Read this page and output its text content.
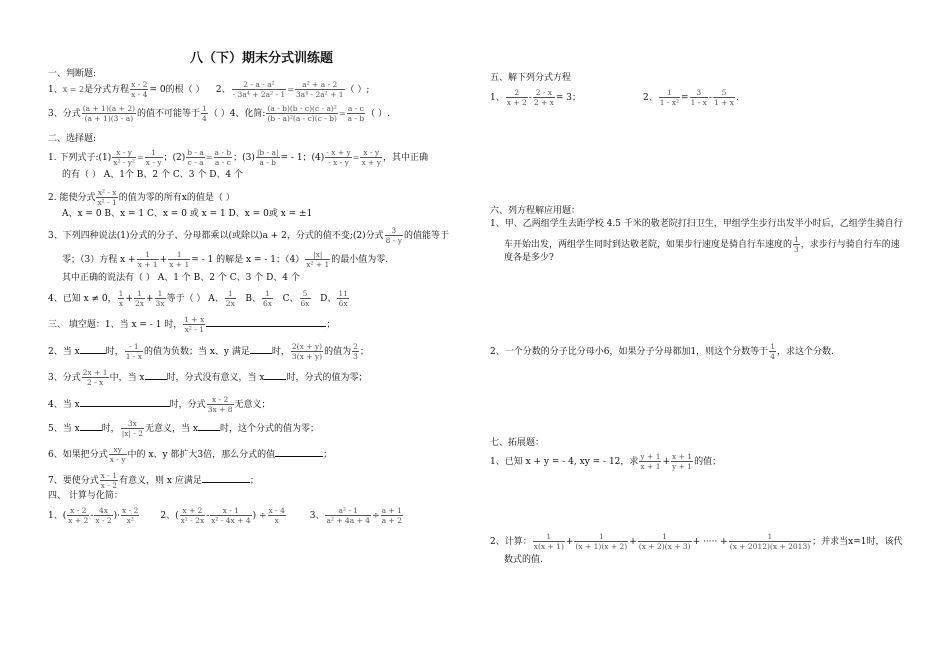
八（下）期末分式训练题
一、判断题:
1、x = 2是分式方程 $\frac{x - 2}{x - 4} = 0$的根（ ） 2、 $\frac{\text{2 - a - a²}}{\text{- 3a⁴ + 2a² - 1}} = \frac{\text{a² + a - 2}}{\text{3a⁴ - 2a² + 1}}$ （ ）;
3、分式 $\frac{(a + 1)(a + 2)}{(a + 1)(3 - a)}$ 的值不可能等于 $\frac{1}{4}$ （ ）4、化简: $\frac{\text{(a - b)(b - c)(c - a)²}}{\text{(b - a)²(a - c)(c - b)}} = \frac{a - c}{a - b}$ （ ）.
二、选择题:
1. 下列式子:(1) $\frac{x - y}{\text{x² - y²}} = \frac{1}{x - y}$ ；$(2) \frac{b - a}{c - a} = \frac{a - b}{a - c}$ ；$(3) \frac{|b - a|}{a - b}$ = - 1；$(4) \frac{- x + y}{- x - y} = \frac{x - y}{x + y}$ ，其中正确
的有（ ） A、1个 B、2 个 C、3 个 D、4 个
2. 能使分式 $\frac{\text{x² - x}}{\text{x² - 1}}$ 的值为零的所有x的值是（ ）
A、x = 0 B、x = 1 C、x = 0 或 x = 1 D、x = 0或 x = ±1
3、下列四种说法(1)分式的分子、分母都乘以(或除以)a + 2，分式的值不变;(2)分式 $\frac{3}{8 - y}$ 的值能等于
零；（3）方程 $x + \frac{1}{x + 1} + \frac{1}{x + 1}$ = - 1 的解是 x = - 1；$(4) \frac{|x|}{\text{x² + 1}}$ 的最小值为零.
其中正确的说法有（ ） A、1 个 B、2 个 C、3 个 D、4 个
4、已知 x ≠ 0， $\frac{1}{x} + \frac{1}{2x} + \frac{1}{3x}$ 等于（ ） A、 $\frac{1}{2x}$ B、 $\frac{1}{6x}$ C、 $\frac{5}{6x}$ D、 $\frac{11}{6x}$
三、 填空题：1、当 x = - 1 时， $\frac{1 + x}{\text{x² - 1}}$	；
2、当 x	时， $\frac{- 1}{1 - x}$ 的值为负数；当 x、y 满足 时， $\frac{2(x + y)}{3(x + y)}$ 的值为 $\frac{2}{3}$ ；
3、分式 $\frac{2x + 1}{2 - x}$ 中，当 x 时，分式没有意义，当 x 时，分式的值为零；
4、当 x	时，分式 $\frac{x - 2}{3x + 8}$ 无意义；
5、当 x 时， $\frac{3x}{|x| - 2}$ 无意义，当 x 时，这个分式的值为零；
6、如果把分式 $\frac{xy}{x - y}$ 中的 x、y 都扩大3倍，那么分式的值	；
7、要使分式 $\frac{x - 1}{x - 2}$ 有意义，则 x 应满足	；
四、 计算与化简：
1、( $\frac{x - 2}{x + 2} - \frac{4x}{x - 2}$ )· $\frac{x - 2}{\text{x²}} 2$、( $\frac{x + 2}{\text{x² - 2x}} - \frac{x - 1}{\text{x² - 4x + 4}}$ ) ÷ $\frac{x - 4}{x}$	3、 $\frac{\text{a² - 1}}{\text{a² + 4a + 4}} \div \frac{a + 1}{a + 2}$
五、解下列分式方程
1、 $\frac{2}{x + 2} - \frac{2 - x}{2 + x} = 3$；	2、 $\frac{1}{\text{1 - x²}} = \frac{3}{1 - x} - \frac{5}{1 + x}$ .
六、列方程解应用题：
1、甲、乙两组学生去距学校 4.5 千米的敬老院打扫卫生，甲组学生步行出发半小时后，乙组学生骑自行
车开始出发，两组学生同时到达敬老院，如果步行速度是骑自行车速度的 $\frac{1}{3}$ ，求步行与骑自行车的速
度各是多少?
2、一个分数的分子比分母小6，如果分子分母都加1，则这个分数等于 $\frac{1}{4}$ ，求这个分数.
七、拓展题：
1、已知 x + y = - 4, xy = - 12，求 $\frac{y + 1}{x + 1} + \frac{x + 1}{y + 1}$ 的值；
2、计算： $\frac{1}{x(x + 1)} + \frac{1}{(x + 1)(x + 2)} + \frac{1}{(x + 2)(x + 3)}$ + ····· + $\frac{1}{(x + 2012)(x + 2013)}$ ；并求当x=1时，该代
数式的值.
